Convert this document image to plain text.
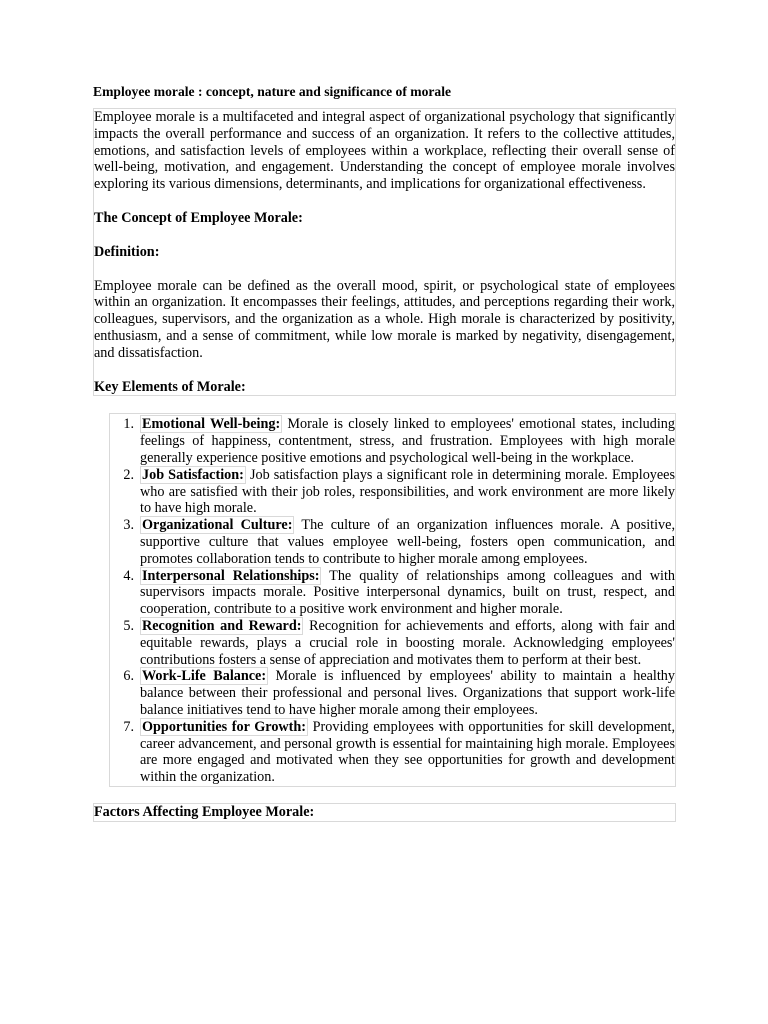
Employee morale : concept, nature and significance of morale

Employee morale is a multifaceted and integral aspect of organizational psychology that significantly impacts the overall performance and success of an organization. It refers to the collective attitudes, emotions, and satisfaction levels of employees within a workplace, reflecting their overall sense of well-being, motivation, and engagement. Understanding the concept of employee morale involves exploring its various dimensions, determinants, and implications for organizational effectiveness.

The Concept of Employee Morale:

Definition:

Employee morale can be defined as the overall mood, spirit, or psychological state of employees within an organization. It encompasses their feelings, attitudes, and perceptions regarding their work, colleagues, supervisors, and the organization as a whole. High morale is characterized by positivity, enthusiasm, and a sense of commitment, while low morale is marked by negativity, disengagement, and dissatisfaction.

Key Elements of Morale:

1. Emotional Well-being: Morale is closely linked to employees' emotional states, including feelings of happiness, contentment, stress, and frustration. Employees with high morale generally experience positive emotions and psychological well-being in the workplace.
2. Job Satisfaction: Job satisfaction plays a significant role in determining morale. Employees who are satisfied with their job roles, responsibilities, and work environment are more likely to have high morale.
3. Organizational Culture: The culture of an organization influences morale. A positive, supportive culture that values employee well-being, fosters open communication, and promotes collaboration tends to contribute to higher morale among employees.
4. Interpersonal Relationships: The quality of relationships among colleagues and with supervisors impacts morale. Positive interpersonal dynamics, built on trust, respect, and cooperation, contribute to a positive work environment and higher morale.
5. Recognition and Reward: Recognition for achievements and efforts, along with fair and equitable rewards, plays a crucial role in boosting morale. Acknowledging employees' contributions fosters a sense of appreciation and motivates them to perform at their best.
6. Work-Life Balance: Morale is influenced by employees' ability to maintain a healthy balance between their professional and personal lives. Organizations that support work-life balance initiatives tend to have higher morale among their employees.
7. Opportunities for Growth: Providing employees with opportunities for skill development, career advancement, and personal growth is essential for maintaining high morale. Employees are more engaged and motivated when they see opportunities for growth and development within the organization.

Factors Affecting Employee Morale:
